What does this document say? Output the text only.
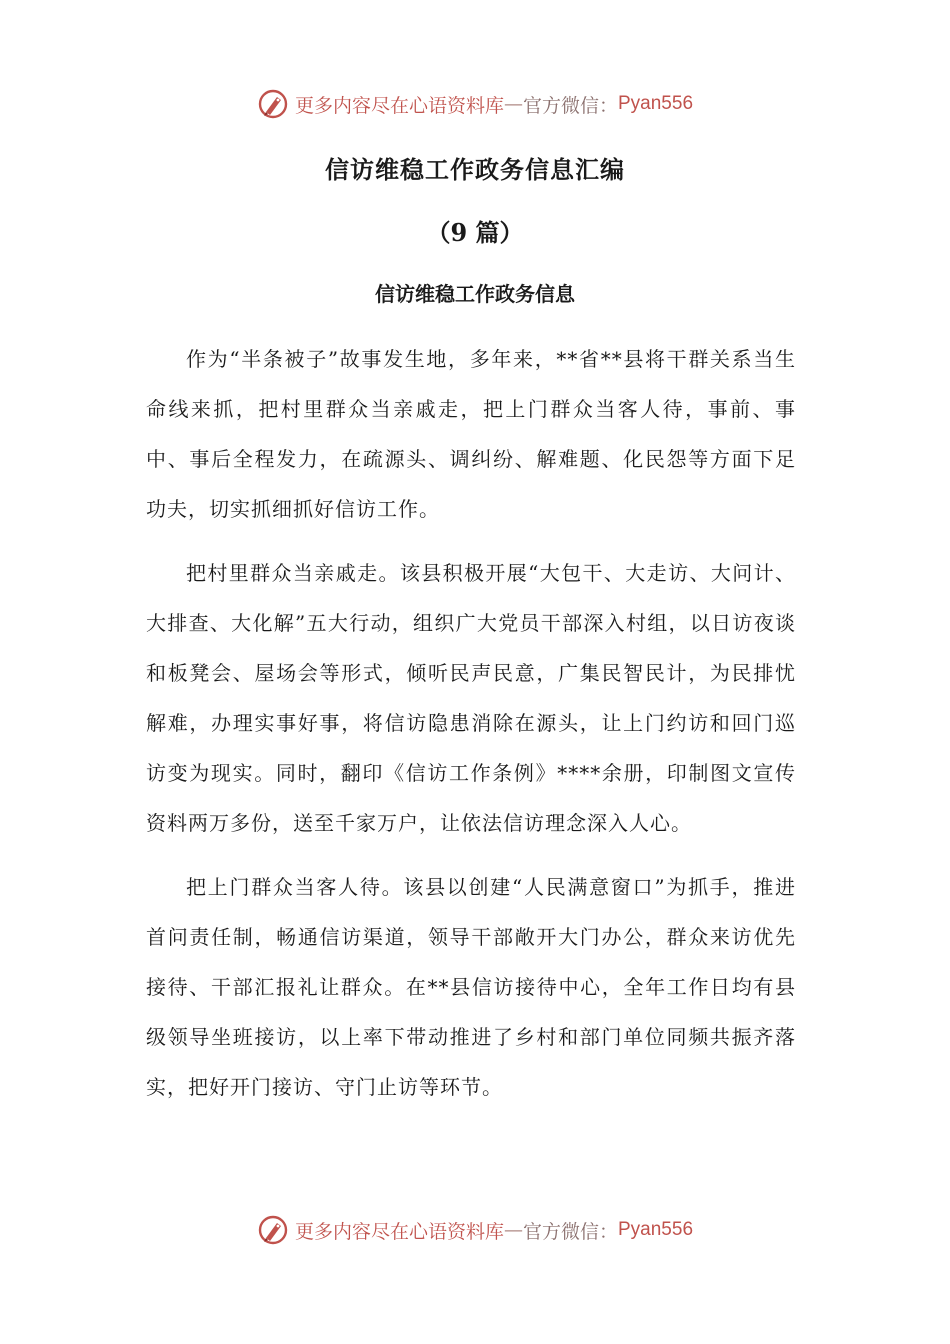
更多内容尽在心语资料库 — 官方微信： Pyan556
信访维稳工作政务信息汇编
（9 篇）
信访维稳工作政务信息

作为“半条被子”故事发生地，多年来，**省**县将干群关系当生命线来抓，把村里群众当亲戚走，把上门群众当客人待，事前、事中、事后全程发力，在疏源头、调纠纷、解难题、化民怨等方面下足功夫，切实抓细抓好信访工作。

把村里群众当亲戚走。该县积极开展“大包干、大走访、大问计、大排查、大化解”五大行动，组织广大党员干部深入村组，以日访夜谈和板凳会、屋场会等形式，倾听民声民意，广集民智民计，为民排忧解难，办理实事好事，将信访隐患消除在源头，让上门约访和回门巡访变为现实。同时，翻印《信访工作条例》****余册，印制图文宣传资料两万多份，送至千家万户，让依法信访理念深入人心。

把上门群众当客人待。该县以创建“人民满意窗口”为抓手，推进首问责任制，畅通信访渠道，领导干部敞开大门办公，群众来访优先接待、干部汇报礼让群众。在**县信访接待中心，全年工作日均有县级领导坐班接访，以上率下带动推进了乡村和部门单位同频共振齐落实，把好开门接访、守门止访等环节。

更多内容尽在心语资料库 — 官方微信： Pyan556
